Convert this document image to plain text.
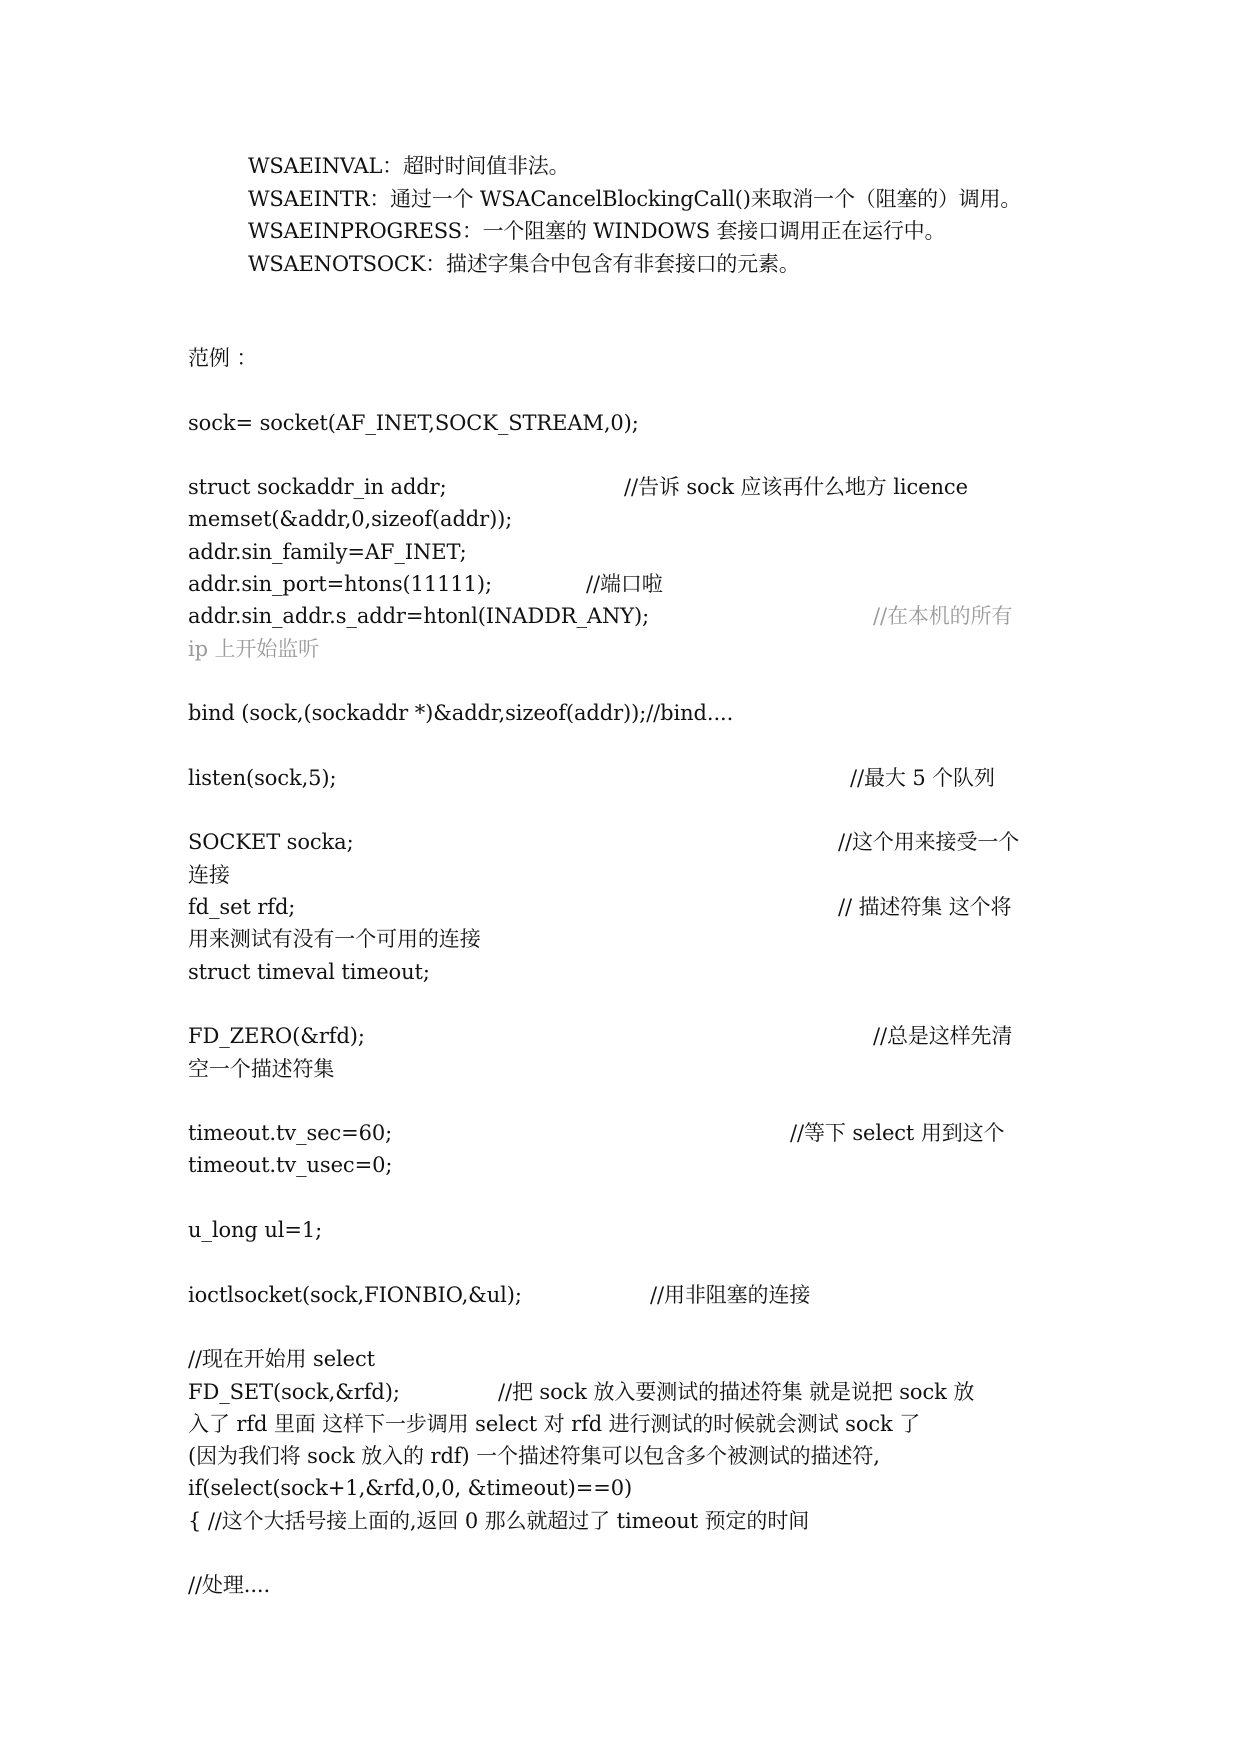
WSAEINVAL：超时时间值非法。
WSAEINTR：通过一个 WSACancelBlockingCall()来取消一个（阻塞的）调用。
WSAEINPROGRESS：一个阻塞的 WINDOWS 套接口调用正在运行中。
WSAENOTSOCK：描述字集合中包含有非套接口的元素。
范例 ：
sock= socket(AF_INET,SOCK_STREAM,0);
struct sockaddr_in addr;	//告诉 sock 应该再什么地方 licence
memset(&addr,0,sizeof(addr));
addr.sin_family=AF_INET;
addr.sin_port=htons(11111);	//端口啦
addr.sin_addr.s_addr=htonl(INADDR_ANY);	//在本机的所有
ip 上开始监听
bind (sock,(sockaddr *)&addr,sizeof(addr));//bind....
listen(sock,5);	//最大 5 个队列
SOCKET socka;	//这个用来接受一个
连接
fd_set rfd;	// 描述符集 这个将
用来测试有没有一个可用的连接
struct timeval timeout;
FD_ZERO(&rfd);	//总是这样先清
空一个描述符集
timeout.tv_sec=60;	//等下 select 用到这个
timeout.tv_usec=0;
u_long ul=1;
ioctlsocket(sock,FIONBIO,&ul);	//用非阻塞的连接
//现在开始用 select
FD_SET(sock,&rfd);	//把 sock 放入要测试的描述符集 就是说把 sock 放
入了 rfd 里面 这样下一步调用 select 对 rfd 进行测试的时候就会测试 sock 了
(因为我们将 sock 放入的 rdf) 一个描述符集可以包含多个被测试的描述符,
if(select(sock+1,&rfd,0,0, &timeout)==0)
{ //这个大括号接上面的,返回 0 那么就超过了 timeout 预定的时间
//处理....
